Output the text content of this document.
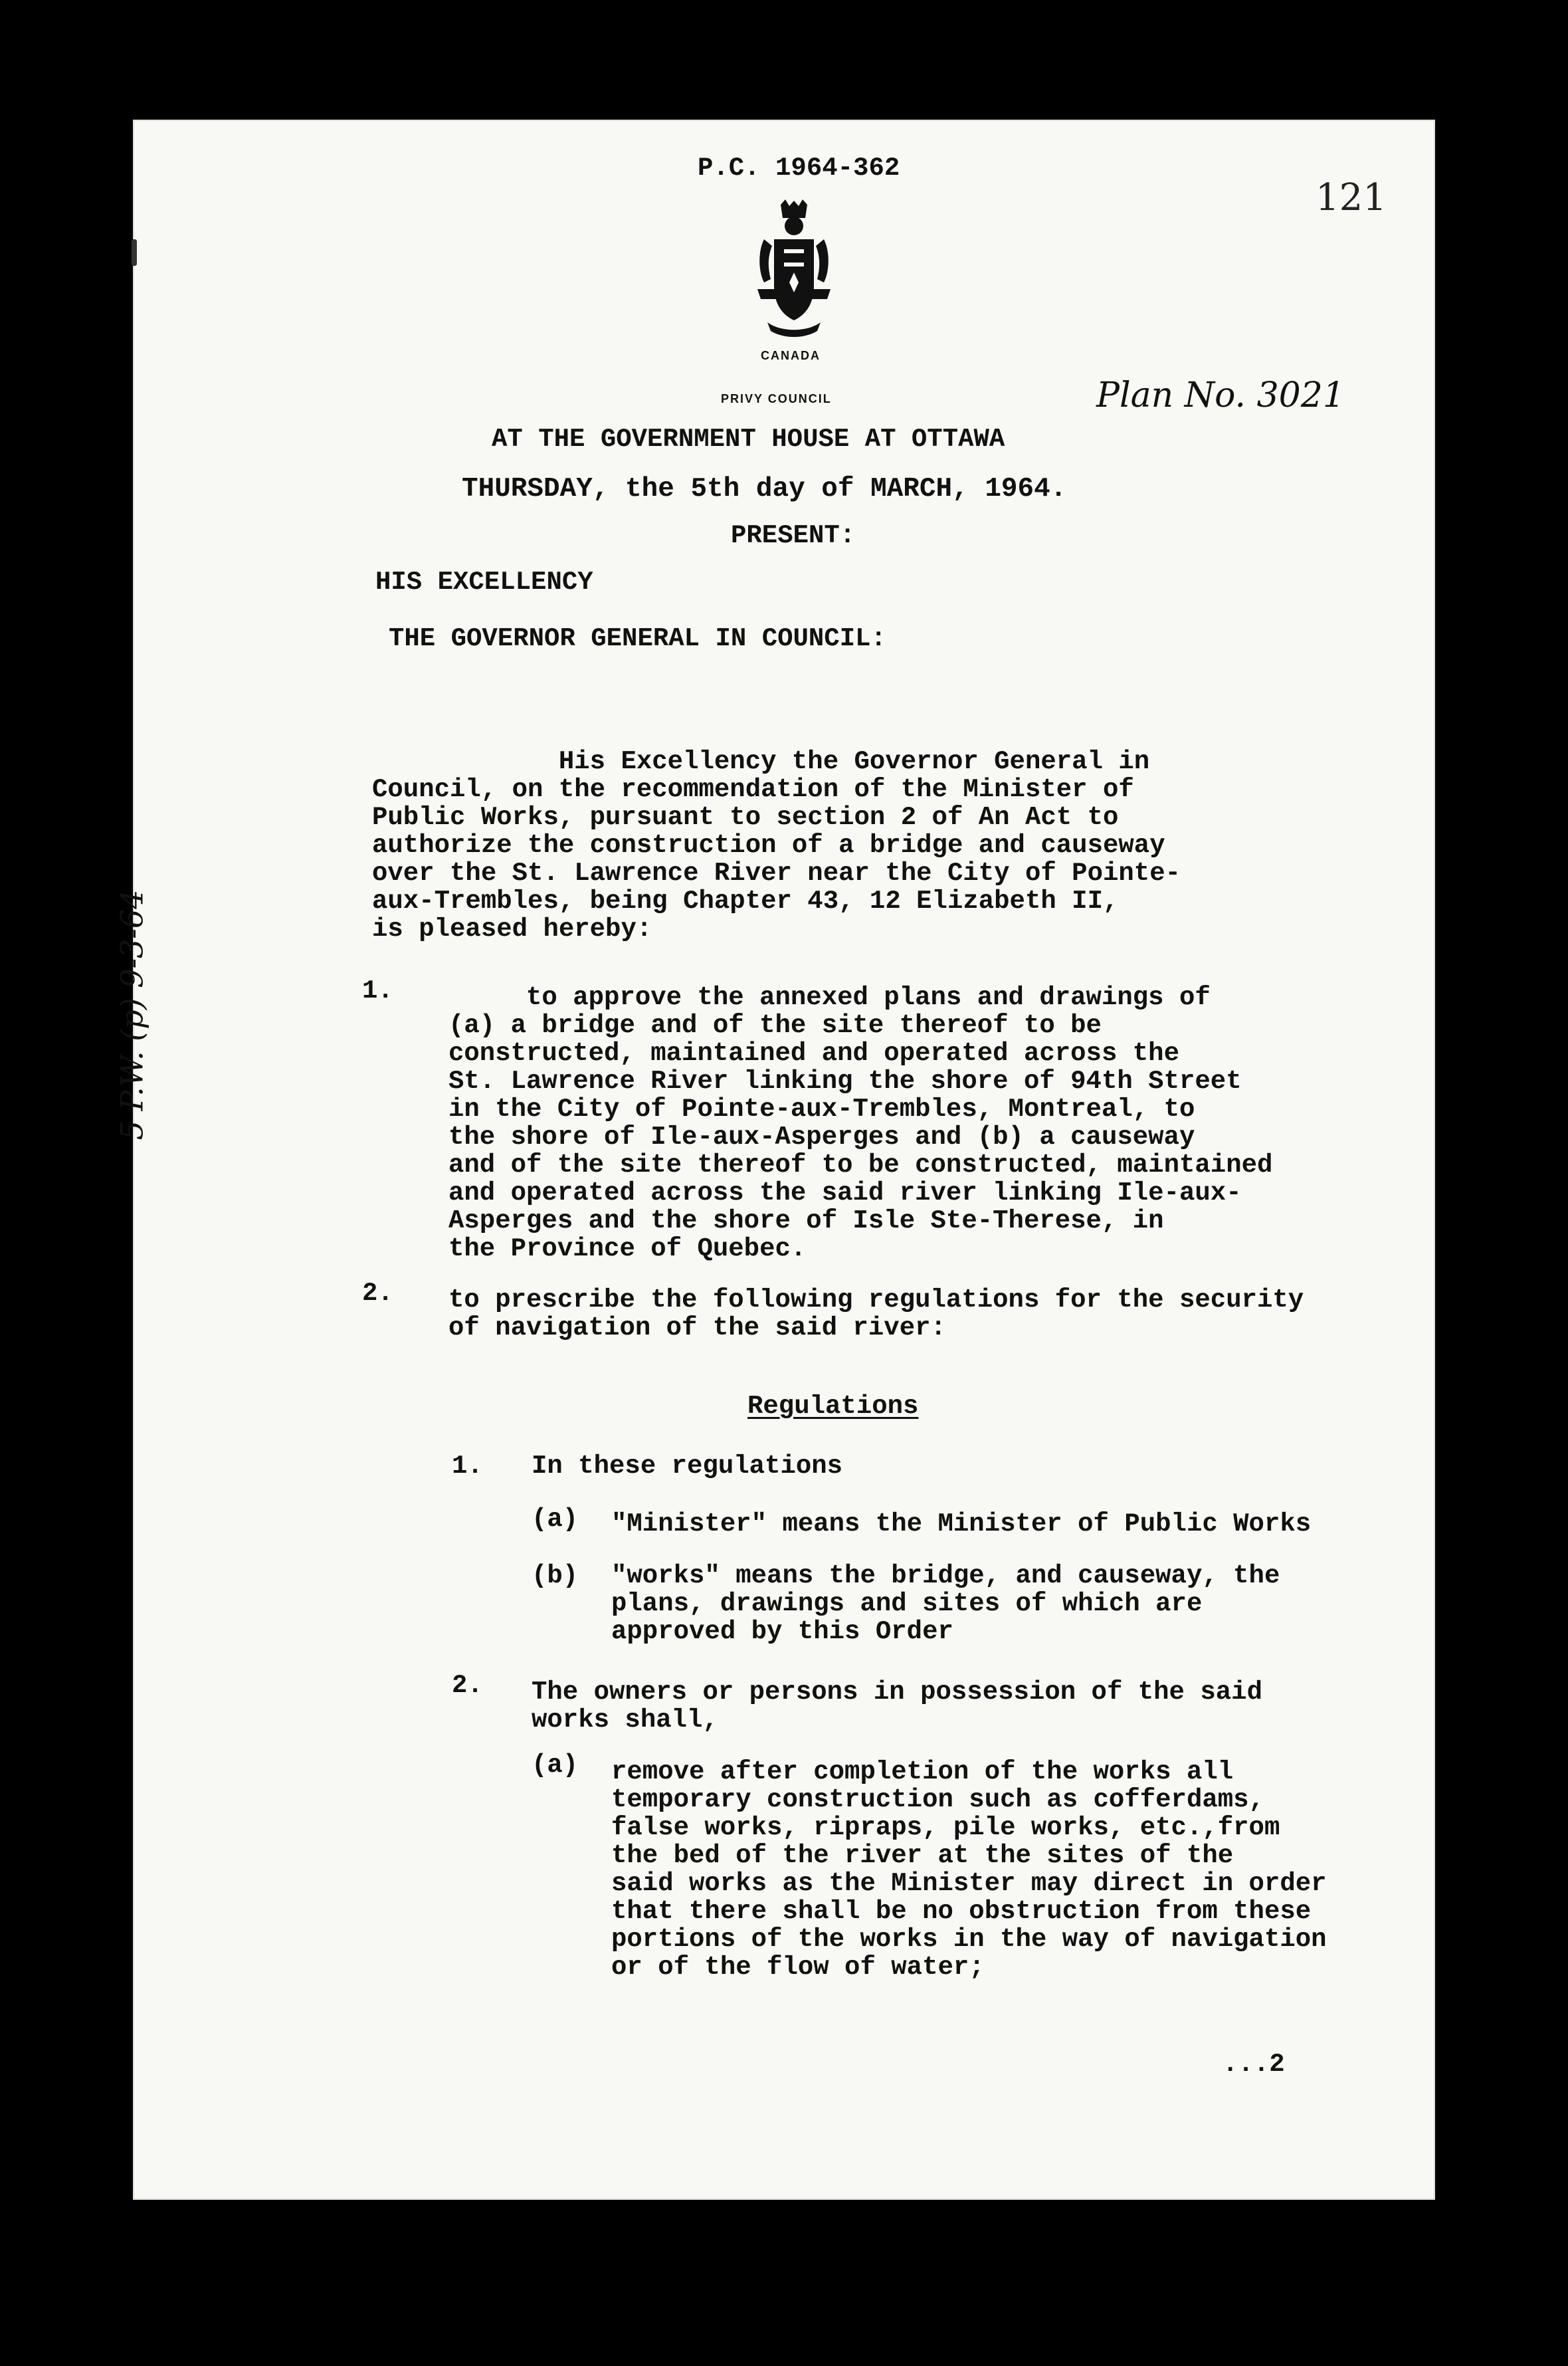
P.C. 1964-362
121
CANADA
PRIVY COUNCIL	Plan No. 3021
5 P.W. (p) 9-3-64
AT THE GOVERNMENT HOUSE AT OTTAWA
THURSDAY, the 5th day of MARCH, 1964.
PRESENT:
HIS EXCELLENCY
THE GOVERNOR GENERAL IN COUNCIL:
His Excellency the Governor General in
Council, on the recommendation of the Minister of
Public Works, pursuant to section 2 of An Act to
authorize the construction of a bridge and causeway
over the St. Lawrence River near the City of Pointe-
aux-Trembles, being Chapter 43, 12 Elizabeth II,
is pleased hereby:
1.	to approve the annexed plans and drawings of
(a) a bridge and of the site thereof to be
constructed, maintained and operated across the
St. Lawrence River linking the shore of 94th Street
in the City of Pointe-aux-Trembles, Montreal, to
the shore of Ile-aux-Asperges and (b) a causeway
and of the site thereof to be constructed, maintained
and operated across the said river linking Ile-aux-
Asperges and the shore of Isle Ste-Therese, in
the Province of Quebec.
2. to prescribe the following regulations for the security
of navigation of the said river:
Regulations
1. In these regulations
(a) "Minister" means the Minister of Public Works
(b) "works" means the bridge, and causeway, the
plans, drawings and sites of which are
approved by this Order
2. The owners or persons in possession of the said
works shall,
(a) remove after completion of the works all
temporary construction such as cofferdams,
false works, ripraps, pile works, etc.,from
the bed of the river at the sites of the
said works as the Minister may direct in order
that there shall be no obstruction from these
portions of the works in the way of navigation
or of the flow of water;
...2
